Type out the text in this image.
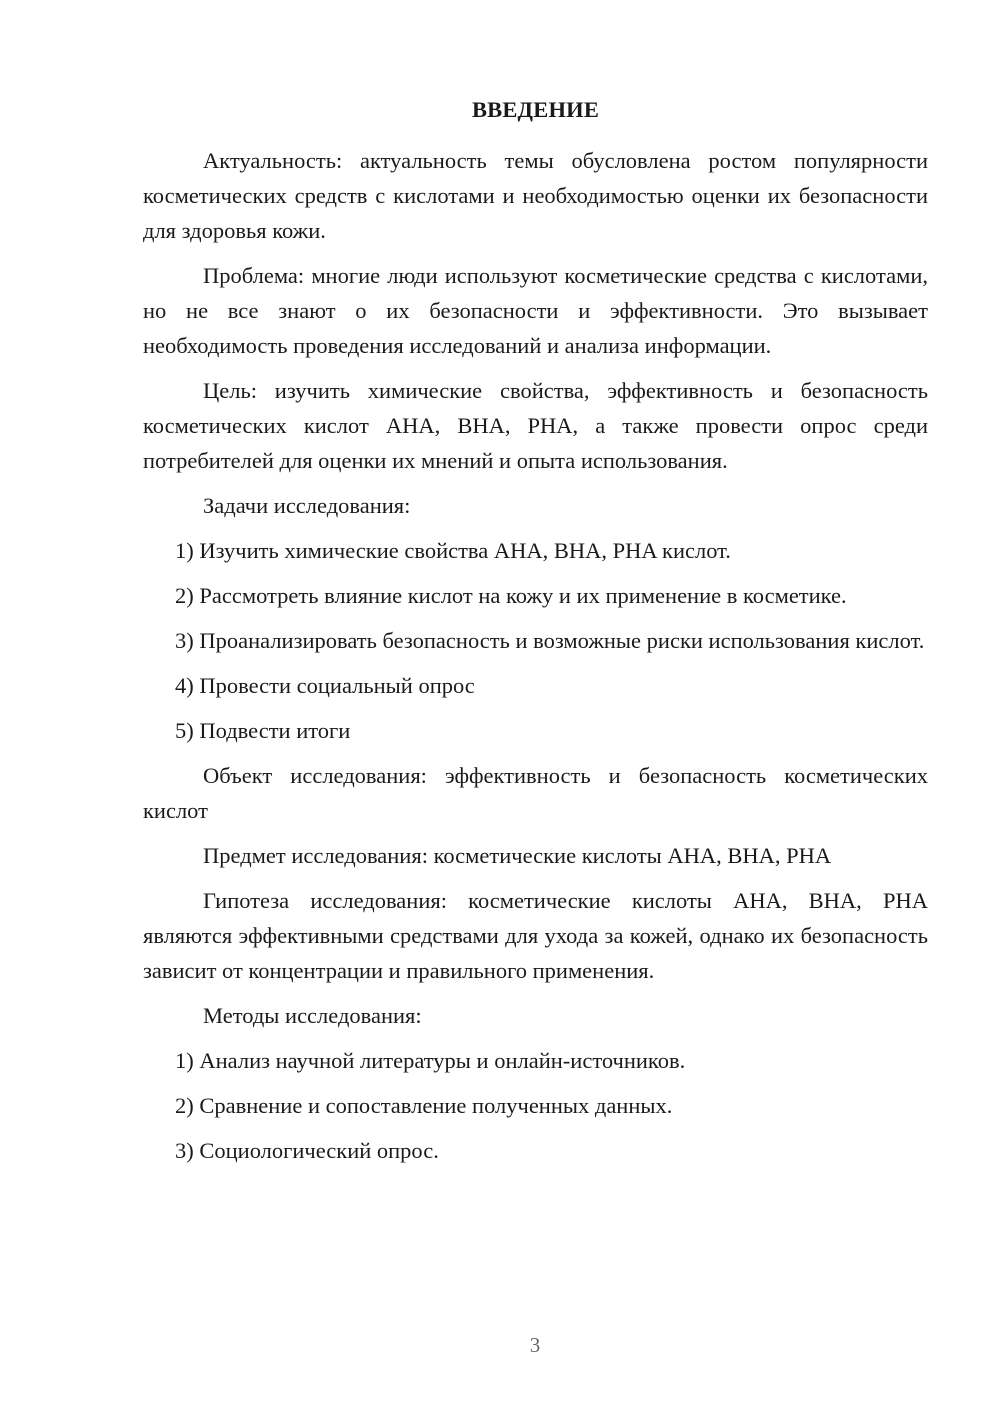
ВВЕДЕНИЕ
Актуальность: актуальность темы обусловлена ростом популярности косметических средств с кислотами и необходимостью оценки их безопасности для здоровья кожи.
Проблема: многие люди используют косметические средства с кислотами, но не все знают о их безопасности и эффективности. Это вызывает необходимость проведения исследований и анализа информации.
Цель: изучить химические свойства, эффективность и безопасность косметических кислот AHA, BHA, PHA, а также провести опрос среди потребителей для оценки их мнений и опыта использования.
Задачи исследования:
1) Изучить химические свойства AHA, BHA, PHA кислот.
2) Рассмотреть влияние кислот на кожу и их применение в косметике.
3) Проанализировать безопасность и возможные риски использования кислот.
4) Провести социальный опрос
5) Подвести итоги
Объект исследования: эффективность и безопасность косметических кислот
Предмет исследования: косметические кислоты AHA, BHA, PHA
Гипотеза исследования: косметические кислоты AHA, BHA, PHA являются эффективными средствами для ухода за кожей, однако их безопасность зависит от концентрации и правильного применения.
Методы исследования:
1) Анализ научной литературы и онлайн-источников.
2) Сравнение и сопоставление полученных данных.
3) Социологический опрос.
3
